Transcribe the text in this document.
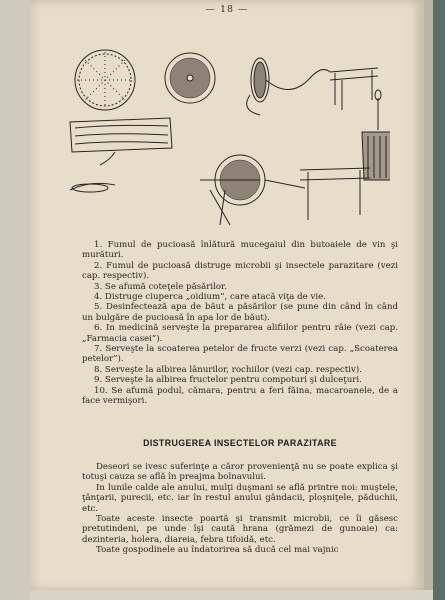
— 18 —

1. Fumul de pucioasă înlătură mucegaiul din butoaiele de vin şi murături.

2. Fumul de pucioasă distruge microbii şi insectele parazitare (vezi cap. respectiv).

3. Se afumă coteţele păsărilor.

4. Distruge ciuperca „oidium”, care atacă viţa de vie.

5. Desinfectează apa de băut a păsărilor (se pune din când în când un bulgăre de pucioasă în apa lor de băut).

6. In medicină serveşte la prepararea alifiilor pentru râie (vezi cap. „Farmacia casei”).

7. Serveşte la scoaterea petelor de fructe verzi (vezi cap. „Scoaterea petelor”).

8. Serveşte la albirea lânurilor, rochiilor (vezi cap. respectiv).

9. Serveşte la albirea fructelor pentru compoturi şi dulceţuri.

10. Se afumă podul, cămara, pentru a feri făina, macaroanele, de a face vermişori.

DISTRUGEREA INSECTELOR PARAZITARE

Deseori se ivesc suferinţe a căror provenienţă nu se poate explica şi totuşi cauza se află în preajma bolnavului.

In lunile calde ale anului, mulţi duşmani se află printre noi: muştele, ţânţarii, purecii, etc. iar în restul anului gândacii, ploşniţele, păduchii, etc.

Toate aceste insecte poartă şi transmit microbii, ce îi găsesc pretutindeni, pe unde îşi caută hrana (grămezi de gunoaie) ca: dezinteria, holera, diareia, febra tifoidă, etc.

Toate gospodinele au îndatorirea să ducă cel mai vajnic
